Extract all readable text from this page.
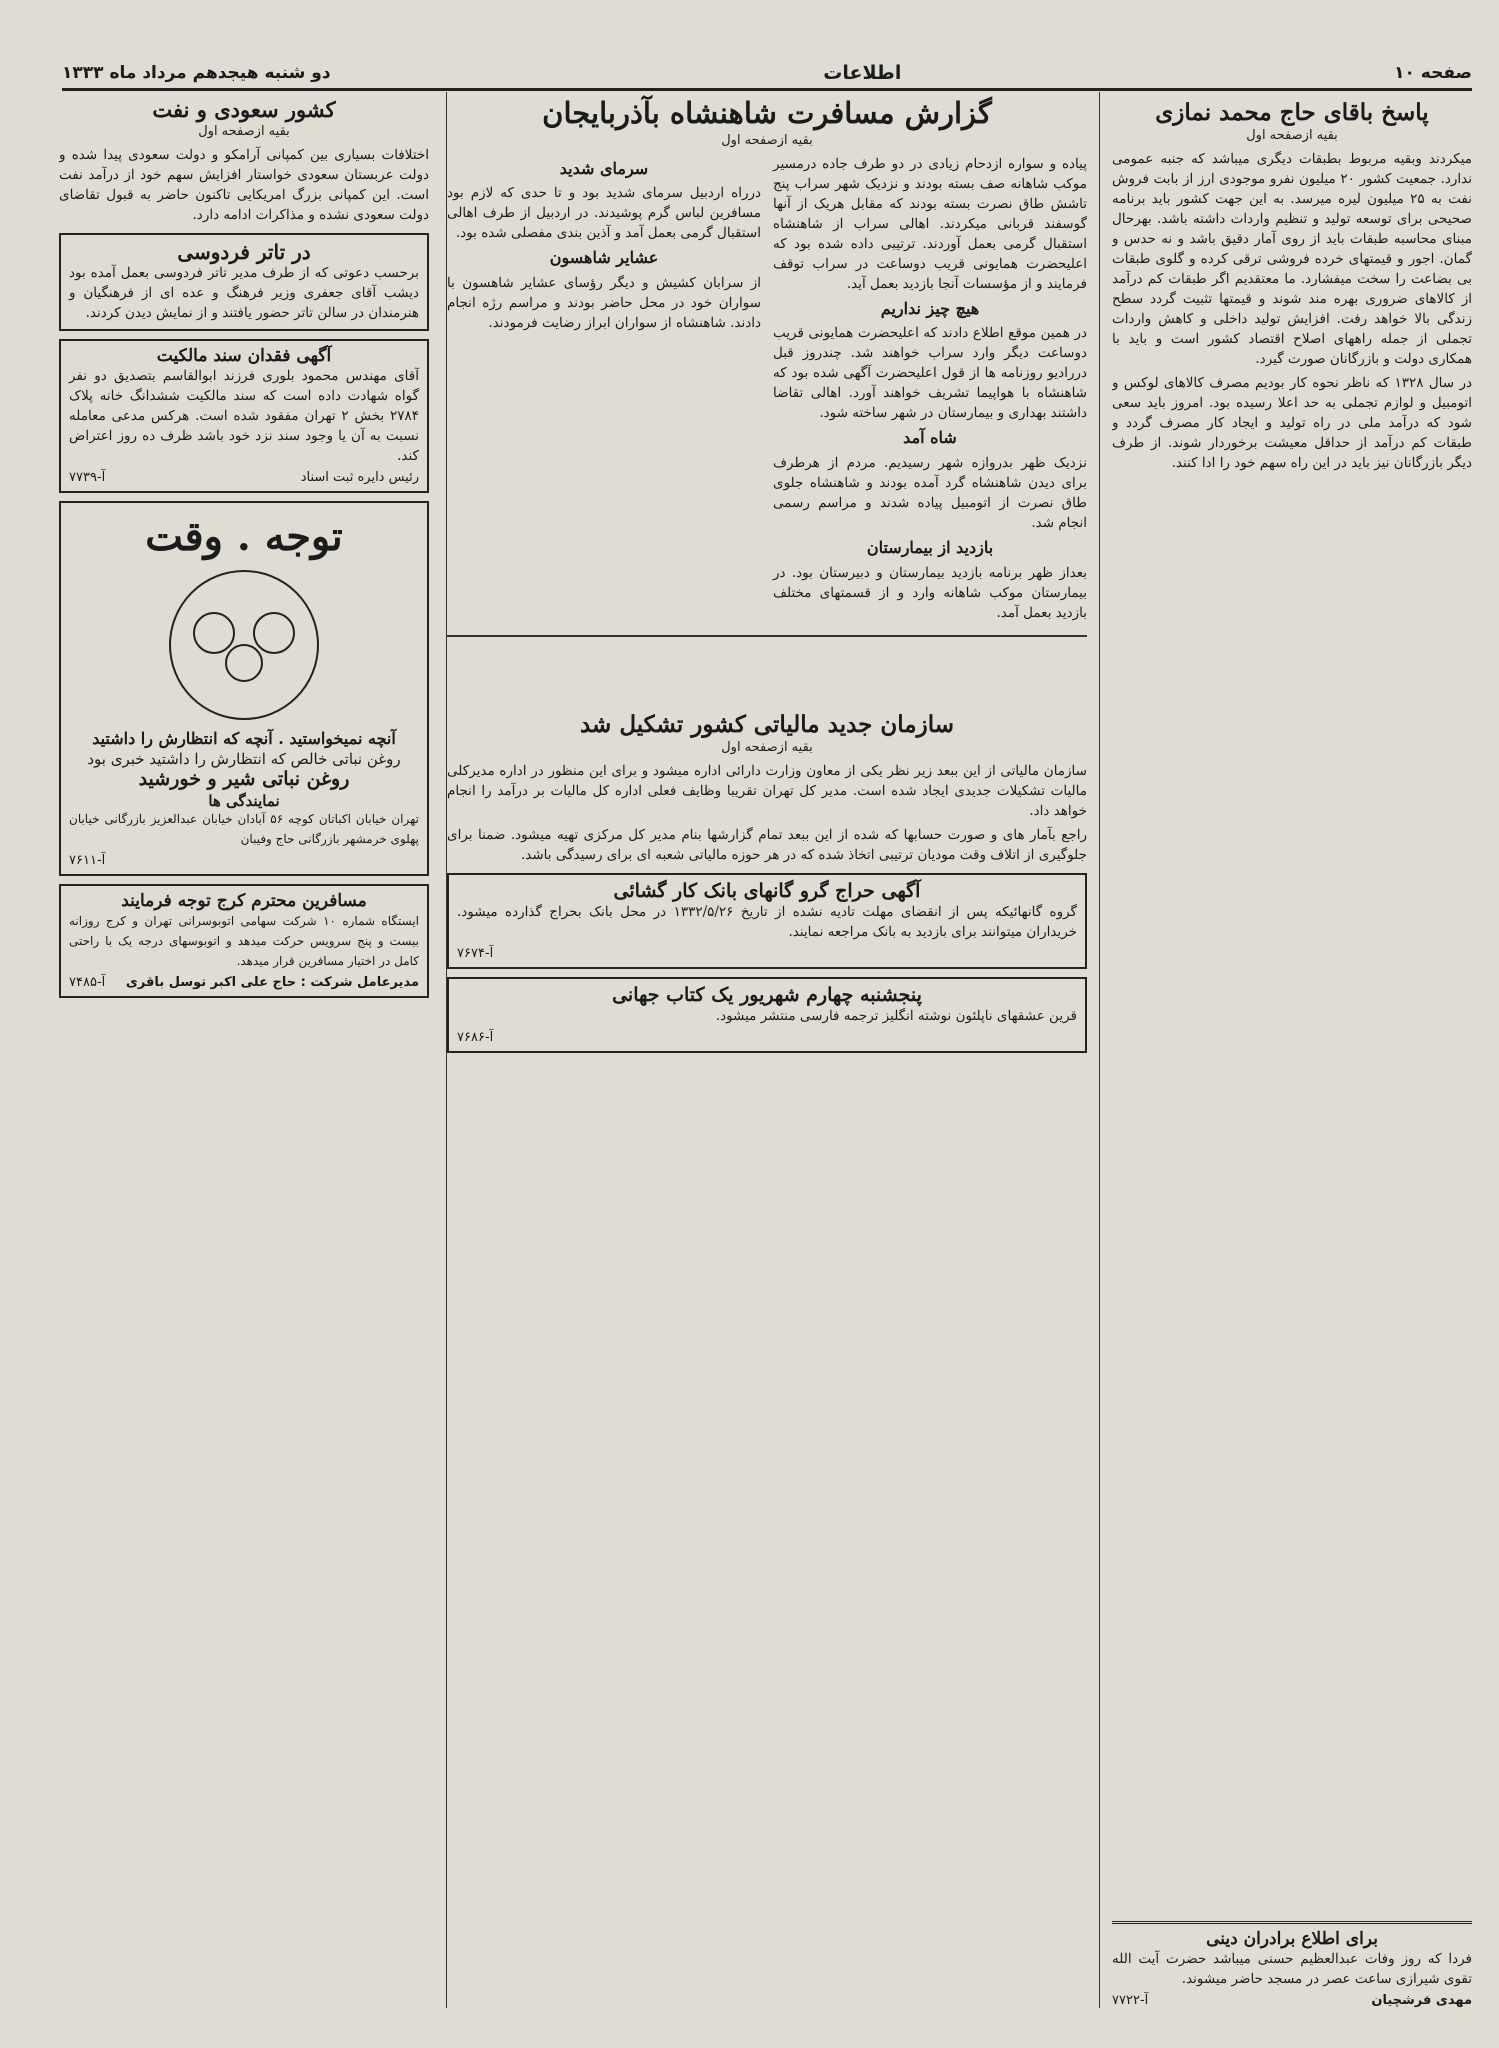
صفحه ۱۰
اطلاعات
دو شنبه هیجدهم مرداد ماه ۱۳۳۳
پاسخ باقای حاج محمد نمازی
بقیه ازصفحه اول

میکردند وبقیه مربوط بطبقات دیگری میباشد که جنبه عمومی ندارد. جمعیت کشور ۲۰ میلیون نفرو موجودی ارز از بابت فروش نفت به ۲۵ میلیون لیره میرسد. به این جهت کشور باید برنامه صحیحی برای توسعه تولید و تنظیم واردات داشته باشد. بهرحال مبنای محاسبه طبقات باید از روی آمار دقیق باشد و نه حدس و گمان. اجور و قیمتهای خرده فروشی ترقی کرده و گلوی طبقات بی بضاعت را سخت میفشارد. ما معتقدیم اگر طبقات کم درآمد از کالاهای ضروری بهره مند شوند و قیمتها تثبیت گردد سطح زندگی بالا خواهد رفت. افزایش تولید داخلی و کاهش واردات تجملی از جمله راههای اصلاح اقتصاد کشور است و باید با همکاری دولت و بازرگانان صورت گیرد.

در سال ۱۳۲۸ که ناظر نحوه کار بودیم مصرف کالاهای لوکس و اتومبیل و لوازم تجملی به حد اعلا رسیده بود. امروز باید سعی شود که درآمد ملی در راه تولید و ایجاد کار مصرف گردد و طبقات کم درآمد از حداقل معیشت برخوردار شوند. از طرف دیگر بازرگانان نیز باید در این راه سهم خود را ادا کنند.

برای اطلاع برادران دینی
فردا که روز وفات عبدالعظیم حسنی میباشد حضرت آیت الله تقوی شیرازی ساعت عصر در مسجد حاضر میشوند.
آ-۷۷۲۲	مهدی فرشچیان
گزارش مسافرت شاهنشاه بآذربایجان
بقیه ازصفحه اول

پیاده و سواره ازدحام زیادی در دو طرف جاده درمسیر موکب شاهانه صف بسته بودند و نزدیک شهر سراب پنج تاشش طاق نصرت بسته بودند که مقابل هریک از آنها گوسفند قربانی میکردند. اهالی سراب از شاهنشاه استقبال گرمی بعمل آوردند. ترتیبی داده شده بود که اعلیحضرت همایونی قریب دوساعت در سراب توقف فرمایند و از مؤسسات آنجا بازدید بعمل آید.

هیچ چیز نداریم

در همین موقع اطلاع دادند که اعلیحضرت همایونی قریب دوساعت دیگر وارد سراب خواهند شد. چندروز قبل دررادیو روزنامه ها از قول اعلیحضرت آگهی شده بود که شاهنشاه با هواپیما تشریف خواهند آورد. اهالی تقاضا داشتند بهداری و بیمارستان در شهر ساخته شود.

شاه آمد

نزدیک ظهر بدروازه شهر رسیدیم. مردم از هرطرف برای دیدن شاهنشاه گرد آمده بودند و شاهنشاه جلوی طاق نصرت از اتومبیل پیاده شدند و مراسم رسمی انجام شد.

بازدید از بیمارستان

بعداز ظهر برنامه بازدید بیمارستان و دبیرستان بود. در بیمارستان موکب شاهانه وارد و از قسمتهای مختلف بازدید بعمل آمد.

سرمای شدید

درراه اردبیل سرمای شدید بود و تا حدی که لازم بود مسافرین لباس گرم پوشیدند. در اردبیل از طرف اهالی استقبال گرمی بعمل آمد و آذین بندی مفصلی شده بود.

عشایر شاهسون

از سرابان کشیش و دیگر رؤسای عشایر شاهسون با سواران خود در محل حاضر بودند و مراسم رژه انجام دادند. شاهنشاه از سواران ابراز رضایت فرمودند.

سازمان جدید مالیاتی کشور تشکیل شد
بقیه ازصفحه اول

سازمان مالیاتی از این ببعد زیر نظر یکی از معاون وزارت دارائی اداره میشود و برای این منظور در اداره مدیرکلی مالیات تشکیلات جدیدی ایجاد شده است. مدیر کل تهران تقریبا وظایف فعلی اداره کل مالیات بر درآمد را انجام خواهد داد.

راجع بآمار های و صورت حسابها که شده از این ببعد تمام گزارشها بنام مدیر کل مرکزی تهیه میشود. ضمنا برای جلوگیری از اتلاف وقت مودیان ترتیبی اتخاذ شده که در هر حوزه مالیاتی شعبه ای برای رسیدگی باشد.

آگهی حراج گرو گانهای بانک کار گشائی
گروه گانهائیکه پس از انقضای مهلت تادیه نشده از تاریخ ۱۳۳۲/۵/۲۶ در محل بانک بحراج گذارده میشود. خریداران میتوانند برای بازدید به بانک مراجعه نمایند.
آ-۷۶۷۴
پنجشنبه چهارم شهریور یک کتاب جهانی
قرین عشقهای ناپلئون نوشته انگلیز ترجمه فارسی منتشر میشود.
آ-۷۶۸۶
کشور سعودی و نفت
بقیه ازصفحه اول
اختلافات بسیاری بین کمپانی آرامکو و دولت سعودی پیدا شده و دولت عربستان سعودی خواستار افزایش سهم خود از درآمد نفت است. این کمپانی بزرگ امریکایی تاکنون حاضر به قبول تقاضای دولت سعودی نشده و مذاکرات ادامه دارد.
در تاتر فردوسی
برحسب دعوتی که از طرف مدیر تاتر فردوسی بعمل آمده بود دیشب آقای جعفری وزیر فرهنگ و عده ای از فرهنگیان و هنرمندان در سالن تاتر حضور یافتند و از نمایش دیدن کردند.
آگهی فقدان سند مالکیت
آقای مهندس محمود بلوری فرزند ابوالقاسم بتصدیق دو نفر گواه شهادت داده است که سند مالکیت ششدانگ خانه پلاک ۲۷۸۴ بخش ۲ تهران مفقود شده است. هرکس مدعی معامله نسبت به آن یا وجود سند نزد خود باشد ظرف ده روز اعتراض کند.
آ-۷۷۳۹	رئیس دایره ثبت اسناد
توجه . وقت
آنچه نمیخواستید . آنچه که انتظارش را داشتید
روغن نباتی خالص که انتظارش را داشتید خبری بود
روغن نباتی شیر و خورشید
نمایندگی ها
تهران خیابان اکباتان کوچه ۵۶ آبادان خیابان عبدالعزیز بازرگانی خیابان پهلوی خرمشهر بازرگانی حاج وفیبان
آ-۷۶۱۱
مسافرین محترم کرج توجه فرمایند
ایستگاه شماره ۱۰ شرکت سهامی اتوبوسرانی تهران و کرج روزانه بیست و پنج سرویس حرکت میدهد و اتوبوسهای درجه یک با راحتی کامل در اختیار مسافرین قرار میدهد.
آ-۷۴۸۵ مدیرعامل شرکت : حاج علی اکبر توسل باقری
